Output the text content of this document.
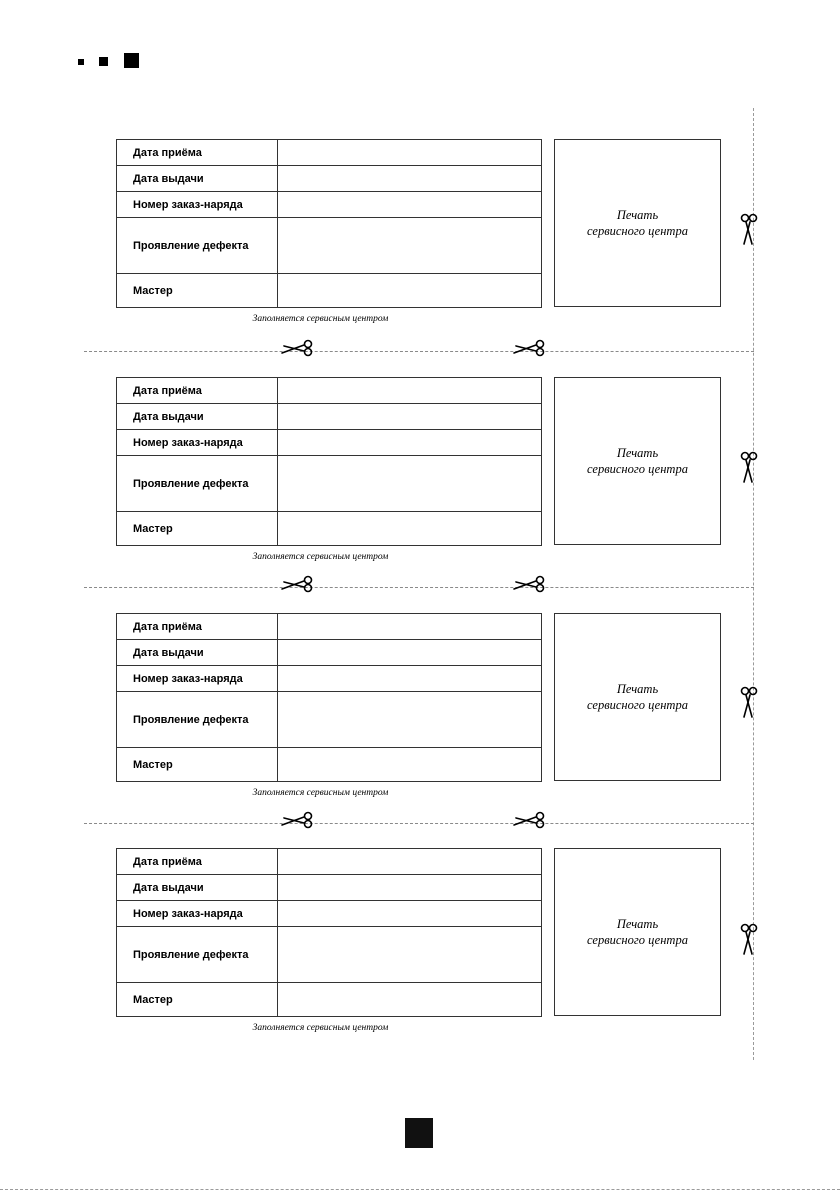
Дата приёма	
Дата выдачи	
Номер заказ-наряда	
Проявление дефекта	
Мастер	
Печать
сервисного центра
Заполняется сервисным центром
Дата приёма	
Дата выдачи	
Номер заказ-наряда	
Проявление дефекта	
Мастер	
Печать
сервисного центра
Заполняется сервисным центром
Дата приёма	
Дата выдачи	
Номер заказ-наряда	
Проявление дефекта	
Мастер	
Печать
сервисного центра
Заполняется сервисным центром
Дата приёма	
Дата выдачи	
Номер заказ-наряда	
Проявление дефекта	
Мастер	
Печать
сервисного центра
Заполняется сервисным центром
